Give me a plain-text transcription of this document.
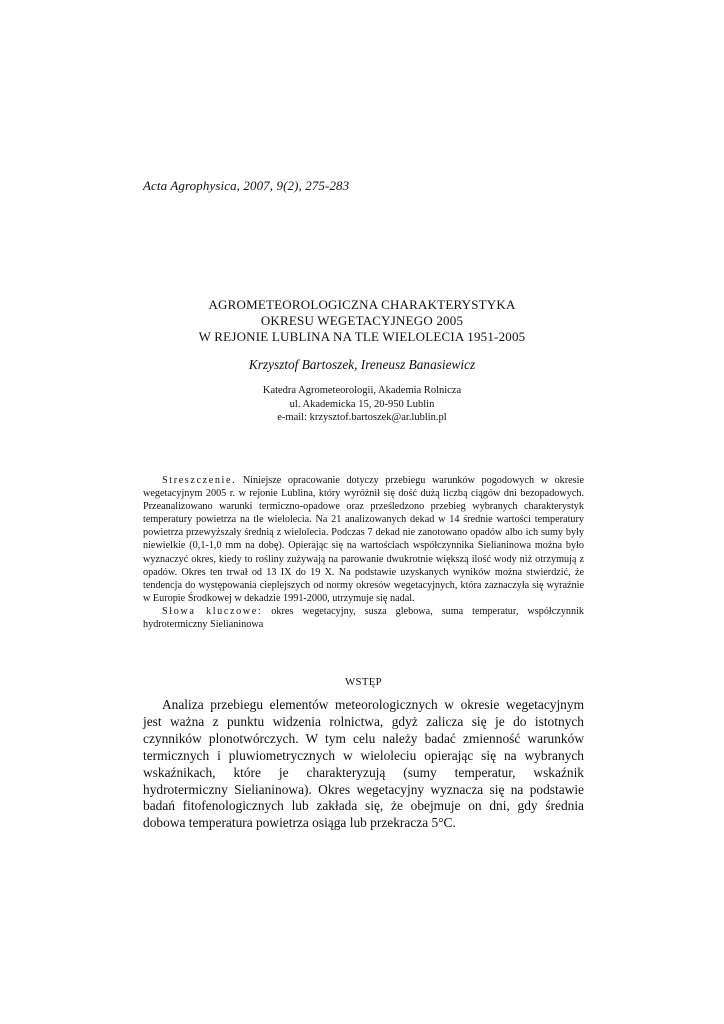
Acta Agrophysica, 2007, 9(2), 275-283
AGROMETEOROLOGICZNA CHARAKTERYSTYKA
OKRESU WEGETACYJNEGO 2005
W REJONIE LUBLINA NA TLE WIELOLECIA 1951-2005
Krzysztof Bartoszek, Ireneusz Banasiewicz
Katedra Agrometeorologii, Akademia Rolnicza
ul. Akademicka 15, 20-950 Lublin
e-mail: krzysztof.bartoszek@ar.lublin.pl

Streszczenie. Niniejsze opracowanie dotyczy przebiegu warunków pogodowych w okresie wegetacyjnym 2005 r. w rejonie Lublina, który wyróżnił się dość dużą liczbą ciągów dni bezopadowych. Przeanalizowano warunki termiczno-opadowe oraz prześledzono przebieg wybranych charakterystyk temperatury powietrza na tle wielolecia. Na 21 analizowanych dekad w 14 średnie wartości temperatury powietrza przewyższały średnią z wielolecia. Podczas 7 dekad nie zanotowano opadów albo ich sumy były niewielkie (0,1-1,0 mm na dobę). Opierając się na wartościach współczynnika Sielianinowa można było wyznaczyć okres, kiedy to rośliny zużywają na parowanie dwukrotnie większą ilość wody niż otrzymują z opadów. Okres ten trwał od 13 IX do 19 X. Na podstawie uzyskanych wyników można stwierdzić, że tendencja do występowania cieplejszych od normy okresów wegetacyjnych, która zaznaczyła się wyraźnie w Europie Środkowej w dekadzie 1991-2000, utrzymuje się nadal.

Słowa kluczowe: okres wegetacyjny, susza glebowa, suma temperatur, współczynnik hydrotermiczny Sielianinowa

WSTĘP

Analiza przebiegu elementów meteorologicznych w okresie wegetacyjnym jest ważna z punktu widzenia rolnictwa, gdyż zalicza się je do istotnych czynników plonotwórczych. W tym celu należy badać zmienność warunków termicznych i pluwiometrycznych w wieloleciu opierając się na wybranych wskaźnikach, które je charakteryzują (sumy temperatur, wskaźnik hydrotermiczny Sielianinowa). Okres wegetacyjny wyznacza się na podstawie badań fitofenologicznych lub zakłada się, że obejmuje on dni, gdy średnia dobowa temperatura powietrza osiąga lub przekracza 5°C.
